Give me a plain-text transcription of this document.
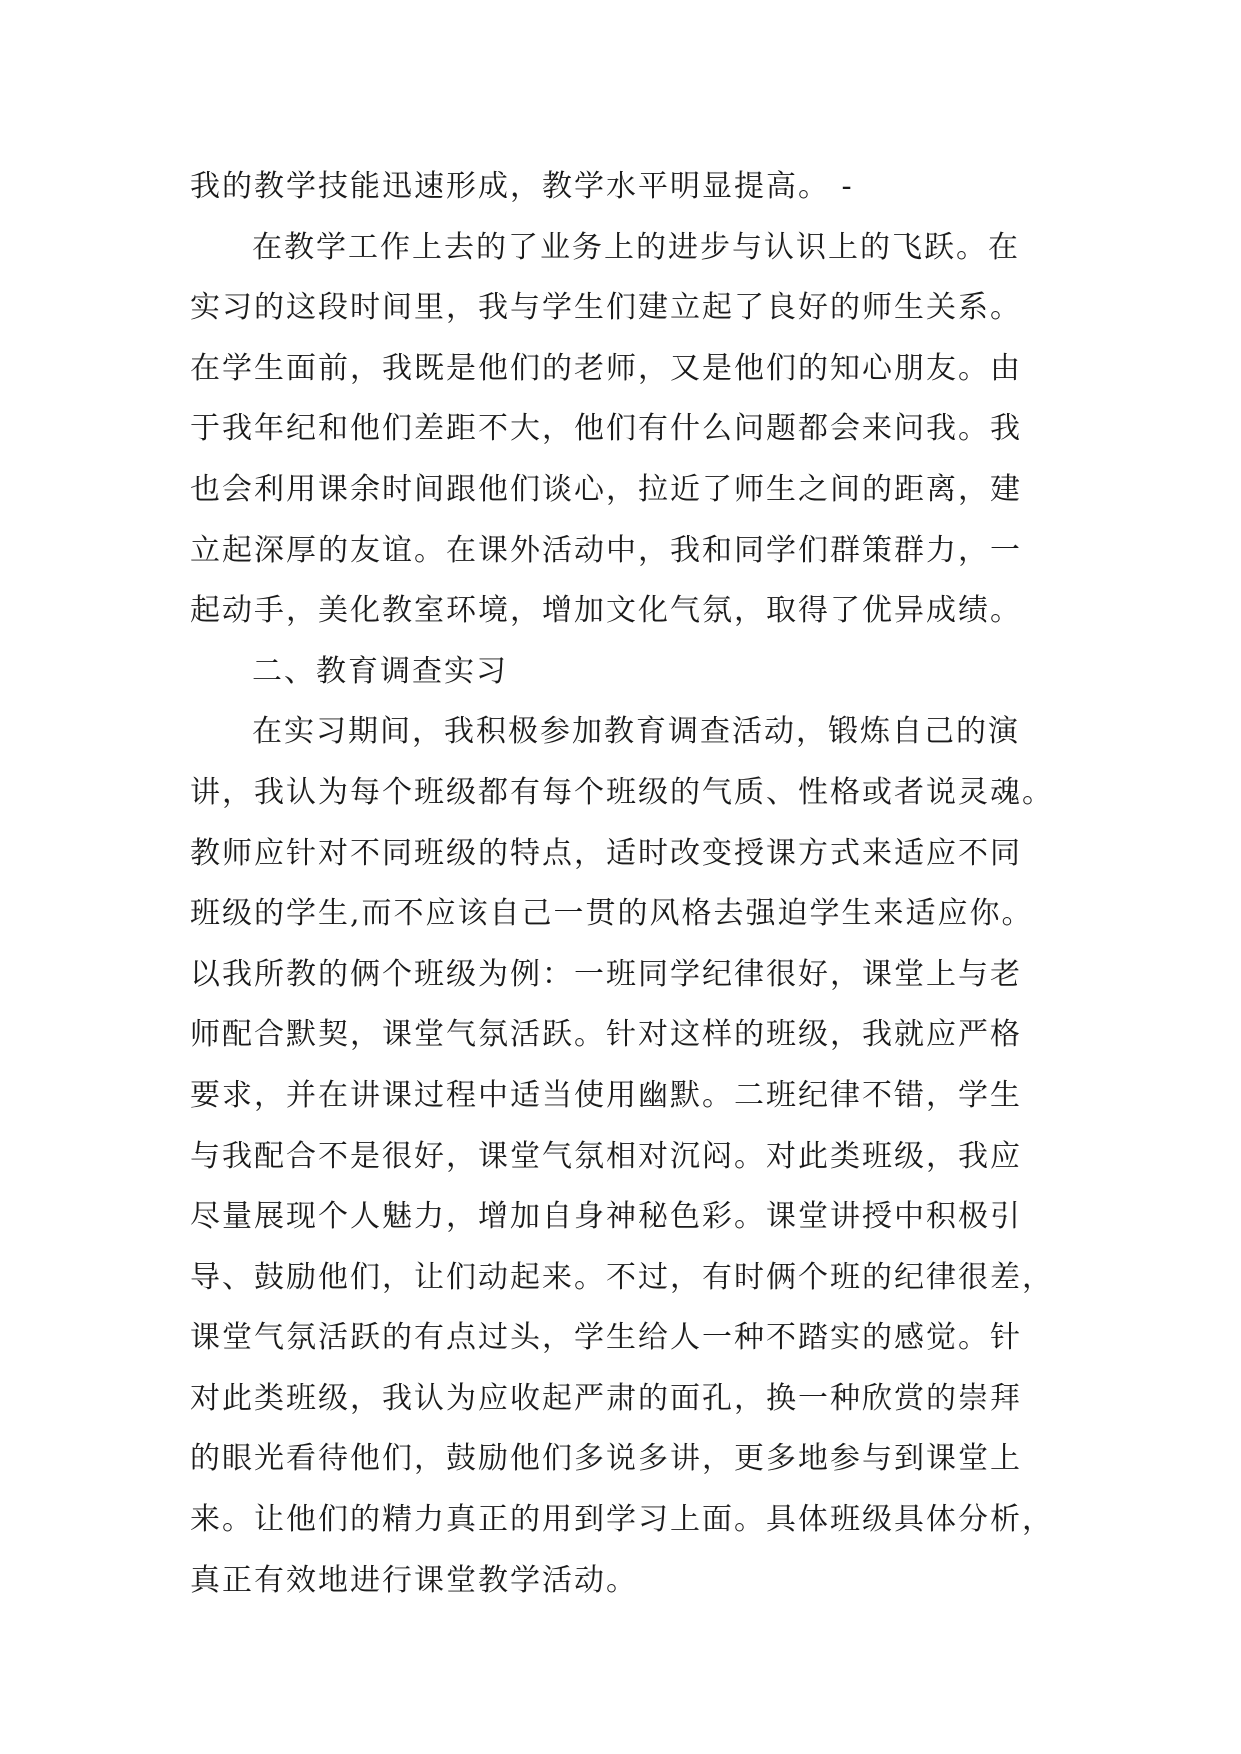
我的教学技能迅速形成，教学水平明显提高。 -
在教学工作上去的了业务上的进步与认识上的飞跃。在
实习的这段时间里，我与学生们建立起了良好的师生关系。
在学生面前，我既是他们的老师，又是他们的知心朋友。由
于我年纪和他们差距不大，他们有什么问题都会来问我。我
也会利用课余时间跟他们谈心，拉近了师生之间的距离，建
立起深厚的友谊。在课外活动中，我和同学们群策群力，一
起动手，美化教室环境，增加文化气氛，取得了优异成绩。
二、教育调查实习
在实习期间，我积极参加教育调查活动，锻炼自己的演
讲，我认为每个班级都有每个班级的气质、性格或者说灵魂。
教师应针对不同班级的特点，适时改变授课方式来适应不同
班级的学生,而不应该自己一贯的风格去强迫学生来适应你。
以我所教的俩个班级为例：一班同学纪律很好，课堂上与老
师配合默契，课堂气氛活跃。针对这样的班级，我就应严格
要求，并在讲课过程中适当使用幽默。二班纪律不错，学生
与我配合不是很好，课堂气氛相对沉闷。对此类班级，我应
尽量展现个人魅力，增加自身神秘色彩。课堂讲授中积极引
导、鼓励他们，让们动起来。不过，有时俩个班的纪律很差，
课堂气氛活跃的有点过头，学生给人一种不踏实的感觉。针
对此类班级，我认为应收起严肃的面孔，换一种欣赏的崇拜
的眼光看待他们，鼓励他们多说多讲，更多地参与到课堂上
来。让他们的精力真正的用到学习上面。具体班级具体分析，
真正有效地进行课堂教学活动。
